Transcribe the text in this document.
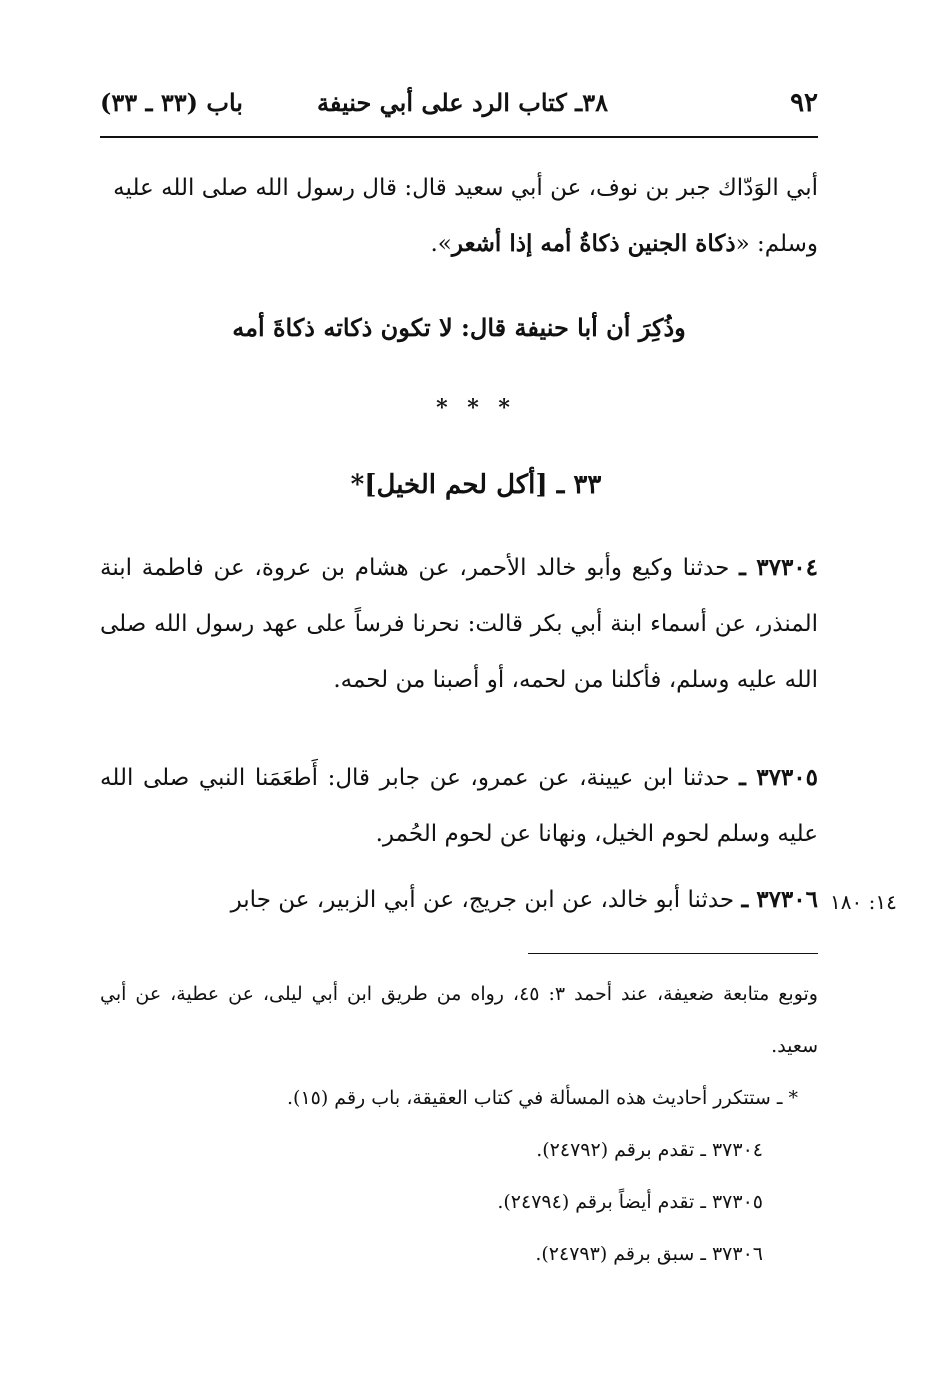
٩٢
٣٨ـ كتاب الرد على أبي حنيفة
باب (٣٣ ـ ٣٣)

أبي الوَدّاك جبر بن نوف، عن أبي سعيد قال: قال رسول الله صلى الله عليه

وسلم: «ذكاة الجنين ذكاةُ أمه إذا أشعر».

وذُكِرَ أن أبا حنيفة قال: لا تكون ذكاته ذكاةَ أمه
* * *
٣٣ ـ [أكل لحم الخيل]*

٣٧٣٠٤ ـ حدثنا وكيع وأبو خالد الأحمر، عن هشام بن عروة، عن فاطمة ابنة المنذر، عن أسماء ابنة أبي بكر قالت: نحرنا فرساً على عهد رسول الله صلى الله عليه وسلم، فأكلنا من لحمه، أو أصبنا من لحمه.

٣٧٣٠٥ ـ حدثنا ابن عيينة، عن عمرو، عن جابر قال: أَطعَمَنا النبي صلى الله عليه وسلم لحوم الخيل، ونهانا عن لحوم الحُمر.

٣٧٣٠٦ ـ حدثنا أبو خالد، عن ابن جريج، عن أبي الزبير، عن جابر	١٤: ١٨٠

وتوبع متابعة ضعيفة، عند أحمد ٣: ٤٥، رواه من طريق ابن أبي ليلى، عن عطية، عن أبي سعيد.

* ـ ستتكرر أحاديث هذه المسألة في كتاب العقيقة، باب رقم (١٥).

٣٧٣٠٤ ـ تقدم برقم (٢٤٧٩٢).

٣٧٣٠٥ ـ تقدم أيضاً برقم (٢٤٧٩٤).

٣٧٣٠٦ ـ سبق برقم (٢٤٧٩٣).
